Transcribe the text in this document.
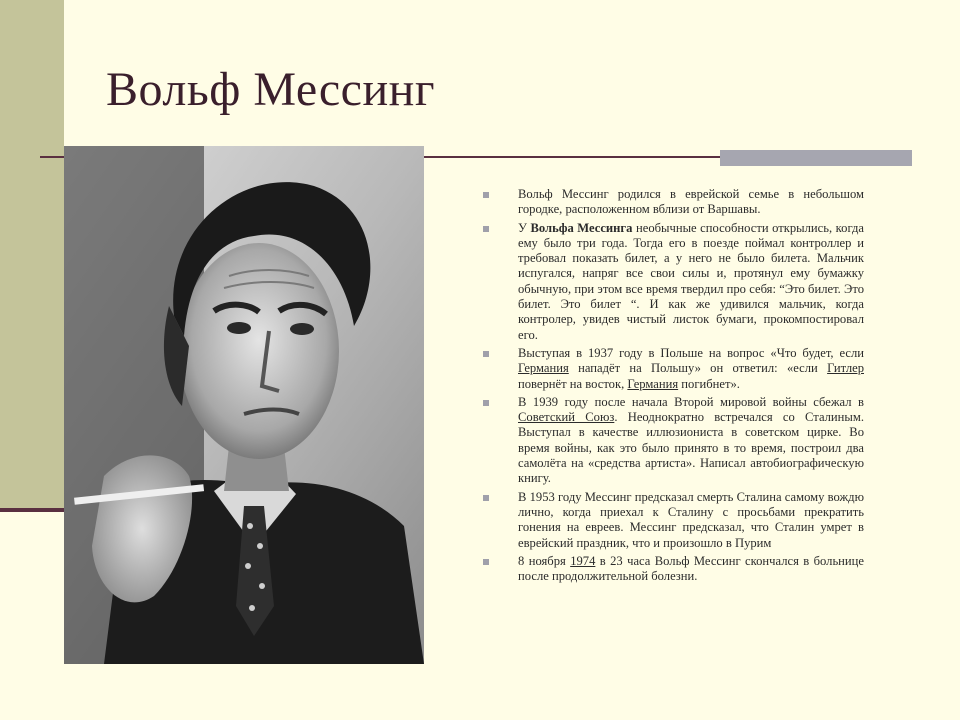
Вольф Мессинг
Вольф Мессинг родился в еврейской семье в небольшом городке, расположенном вблизи от Варшавы.
У Вольфа Мессинга необычные способности открылись, когда ему было три года. Тогда его в поезде поймал контроллер и требовал показать билет, а у него не было билета. Мальчик испугался, напряг все свои силы и, протянул ему бумажку обычную, при этом все время твердил про себя: “Это билет. Это билет. Это билет “. И как же удивился мальчик, когда контролер, увидев чистый листок бумаги, прокомпостировал его.
Выступая в 1937 году в Польше на вопрос «Что будет, если Германия нападёт на Польшу» он ответил: «если Гитлер повернёт на восток, Германия погибнет».
В 1939 году после начала Второй мировой войны сбежал в Советский Союз. Неоднократно встречался со Сталиным. Выступал в качестве иллюзиониста в советском цирке. Во время войны, как это было принято в то время, построил два самолёта на «средства артиста». Написал автобиографическую книгу.
В 1953 году Мессинг предсказал смерть Сталина самому вождю лично, когда приехал к Сталину с просьбами прекратить гонения на евреев. Мессинг предсказал, что Сталин умрет в еврейский праздник, что и произошло в Пурим
8 ноября 1974 в 23 часа Вольф Мессинг скончался в больнице после продолжительной болезни.
